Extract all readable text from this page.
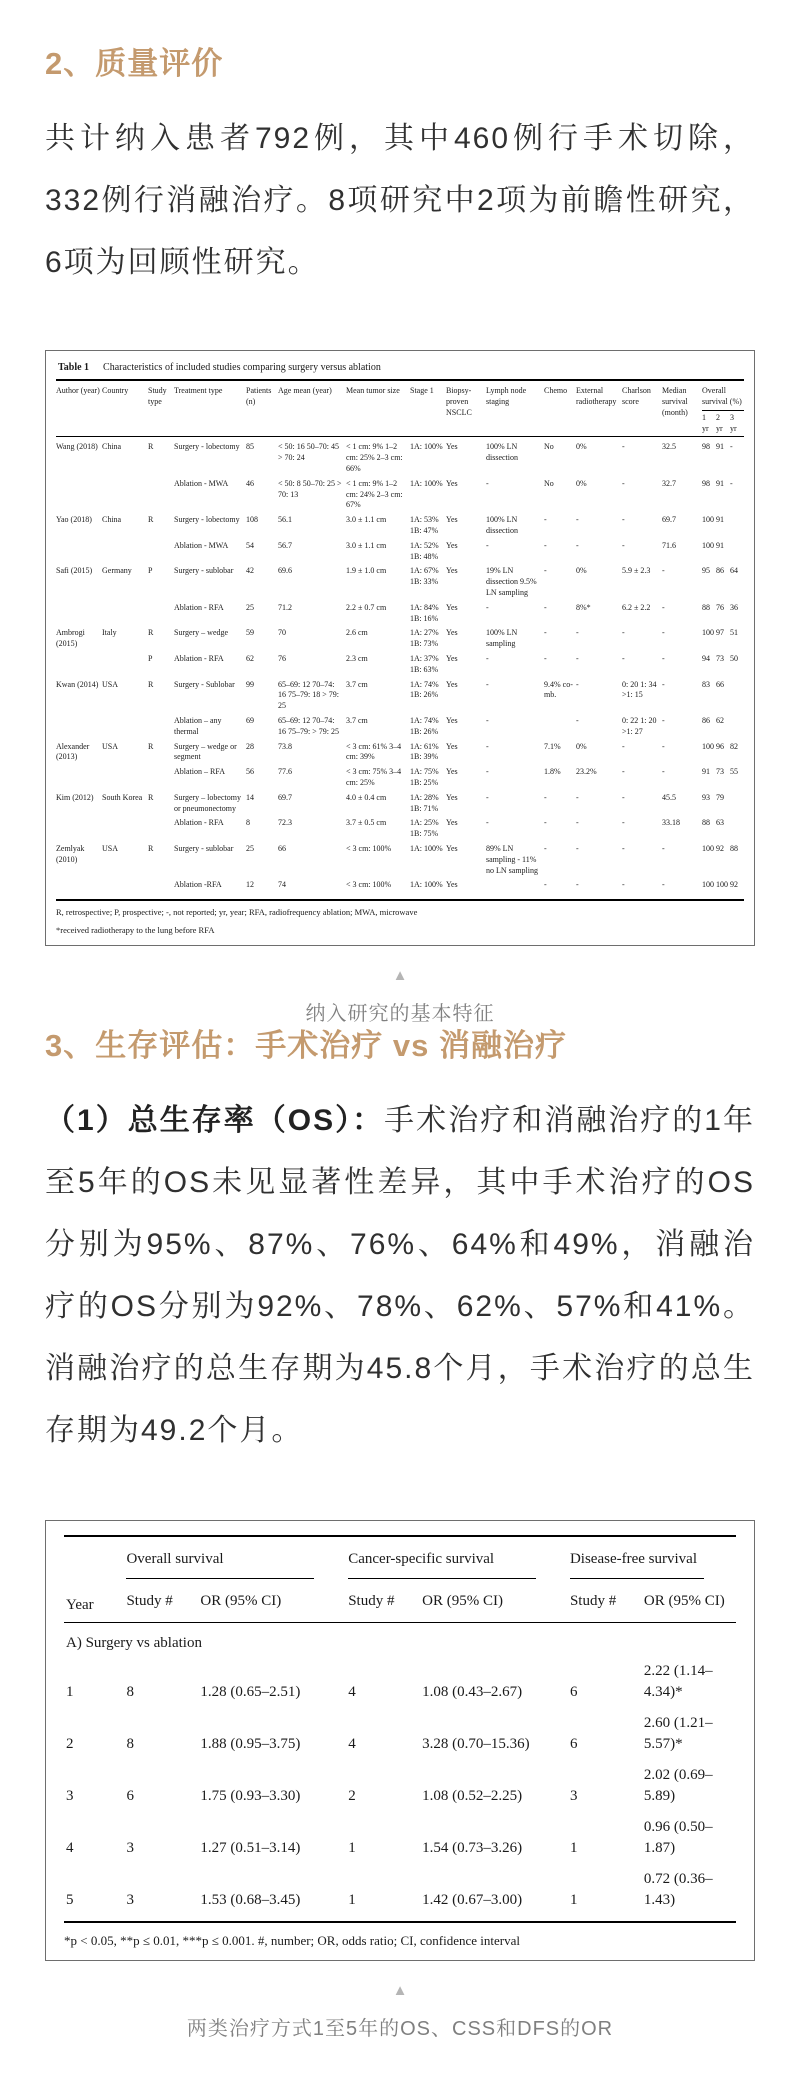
2、质量评价

共计纳入患者792例，其中460例行手术切除，332例行消融治疗。8项研究中2项为前瞻性研究，6项为回顾性研究。

Table 1 Characteristics of included studies comparing surgery versus ablation
Author (year)	Country	Study type	Treatment type	Patients (n)	Age mean (year)	Mean tumor size	Stage 1	Biopsy-proven NSCLC	Lymph node staging	Chemo	External radiotherapy	Charlson score	Median survival (month)	Overall survival (%)		
														1 yr	2 yr	3 yr
Wang (2018)	China	R	Surgery - lobectomy	85	< 50: 16 50–70: 45 > 70: 24	< 1 cm: 9% 1–2 cm: 25% 2–3 cm: 66%	1A: 100%	Yes	100% LN dissection	No	0%	-	32.5	98	91	-
			Ablation - MWA	46	< 50: 8 50–70: 25 > 70: 13	< 1 cm: 9% 1–2 cm: 24% 2–3 cm: 67%	1A: 100%	Yes	-	No	0%	-	32.7	98	91	-
Yao (2018)	China	R	Surgery - lobectomy	108	56.1	3.0 ± 1.1 cm	1A: 53% 1B: 47%	Yes	100% LN dissection	-	-	-	69.7	100	91	
			Ablation - MWA	54	56.7	3.0 ± 1.1 cm	1A: 52% 1B: 48%	Yes	-	-	-	-	71.6	100	91	
Safi (2015)	Germany	P	Surgery - sublobar	42	69.6	1.9 ± 1.0 cm	1A: 67% 1B: 33%	Yes	19% LN dissection 9.5% LN sampling	-	0%	5.9 ± 2.3	-	95	86	64
			Ablation - RFA	25	71.2	2.2 ± 0.7 cm	1A: 84% 1B: 16%	Yes	-	-	8%*	6.2 ± 2.2	-	88	76	36
Ambrogi (2015)	Italy	R	Surgery – wedge	59	70	2.6 cm	1A: 27% 1B: 73%	Yes	100% LN sampling	-	-	-	-	100	97	51
		P	Ablation - RFA	62	76	2.3 cm	1A: 37% 1B: 63%	Yes	-	-	-	-	-	94	73	50
Kwan (2014)	USA	R	Surgery - Sublobar	99	65–69: 12 70–74: 16 75–79: 18 > 79: 25	3.7 cm	1A: 74% 1B: 26%	Yes	-	9.4% co-mb.	-	0: 20 1: 34 >1: 15	-	83	66	
			Ablation – any thermal	69	65–69: 12 70–74: 16 75–79: > 79: 25	3.7 cm	1A: 74% 1B: 26%	Yes	-		-	0: 22 1: 20 >1: 27	-	86	62	
Alexander (2013)	USA	R	Surgery – wedge or segment	28	73.8	< 3 cm: 61% 3–4 cm: 39%	1A: 61% 1B: 39%	Yes	-	7.1%	0%	-	-	100	96	82
			Ablation – RFA	56	77.6	< 3 cm: 75% 3–4 cm: 25%	1A: 75% 1B: 25%	Yes	-	1.8%	23.2%	-	-	91	73	55
Kim (2012)	South Korea	R	Surgery – lobectomy or pneumonectomy	14	69.7	4.0 ± 0.4 cm	1A: 28% 1B: 71%	Yes	-	-	-	-	45.5	93	79	
			Ablation - RFA	8	72.3	3.7 ± 0.5 cm	1A: 25% 1B: 75%	Yes	-	-	-	-	33.18	88	63	
Zemlyak (2010)	USA	R	Surgery - sublobar	25	66	< 3 cm: 100%	1A: 100%	Yes	89% LN sampling - 11% no LN sampling	-	-	-	-	100	92	88
			Ablation -RFA	12	74	< 3 cm: 100%	1A: 100%	Yes		-	-	-	-	100	100	92
R, retrospective; P, prospective; -, not reported; yr, year; RFA, radiofrequency ablation; MWA, microwave
*received radiotherapy to the lung before RFA
▲
纳入研究的基本特征
3、生存评估：手术治疗 vs 消融治疗

（1）总生存率（OS）：手术治疗和消融治疗的1年至5年的OS未见显著性差异，其中手术治疗的OS分别为95%、87%、76%、64%和49%，消融治疗的OS分别为92%、78%、62%、57%和41%。消融治疗的总生存期为45.8个月，手术治疗的总生存期为49.2个月。

Year	Overall survival		Cancer-specific survival		Disease-free survival	

	Study #	OR (95% CI)	Study #	OR (95% CI)	Study #	OR (95% CI)
A) Surgery vs ablation						
1	8	1.28 (0.65–2.51)	4	1.08 (0.43–2.67)	6	2.22 (1.14–4.34)*
2	8	1.88 (0.95–3.75)	4	3.28 (0.70–15.36)	6	2.60 (1.21–5.57)*
3	6	1.75 (0.93–3.30)	2	1.08 (0.52–2.25)	3	2.02 (0.69–5.89)
4	3	1.27 (0.51–3.14)	1	1.54 (0.73–3.26)	1	0.96 (0.50–1.87)
5	3	1.53 (0.68–3.45)	1	1.42 (0.67–3.00)	1	0.72 (0.36–1.43)
*p < 0.05, **p ≤ 0.01, ***p ≤ 0.001. #, number; OR, odds ratio; CI, confidence interval
▲
两类治疗方式1至5年的OS、CSS和DFS的OR
